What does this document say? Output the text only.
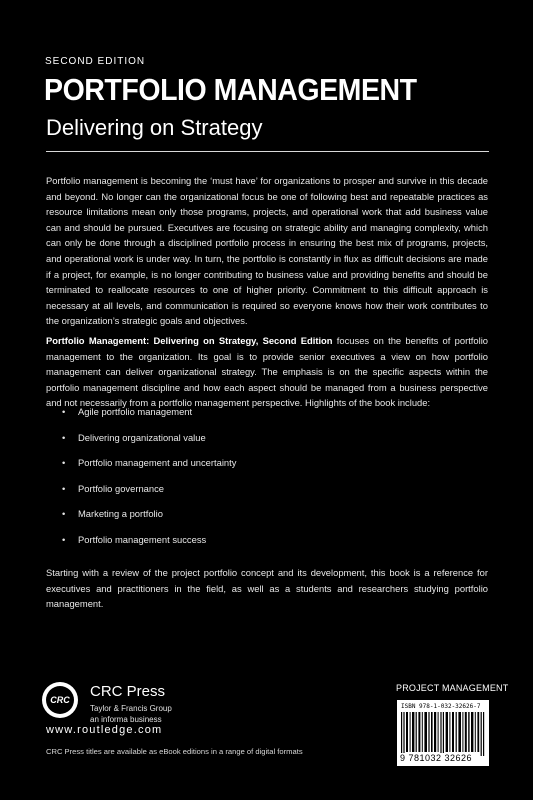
SECOND EDITION
PORTFOLIO MANAGEMENT
Delivering on Strategy

Portfolio management is becoming the ‘must have’ for organizations to prosper and survive in this decade and beyond. No longer can the organizational focus be one of following best and repeatable practices as resource limitations mean only those programs, projects, and operational work that add business value can and should be pursued. Executives are focusing on strategic ability and managing complexity, which can only be done through a disciplined portfolio process in ensuring the best mix of programs, projects, and operational work is under way. In turn, the portfolio is constantly in flux as difficult decisions are made if a project, for example, is no longer contributing to business value and providing benefits and should be terminated to reallocate resources to one of higher priority. Commitment to this difficult approach is necessary at all levels, and communication is required so everyone knows how their work contributes to the organization’s strategic goals and objectives.

Portfolio Management: Delivering on Strategy, Second Edition focuses on the benefits of portfolio management to the organization. Its goal is to provide senior executives a view on how portfolio management can deliver organizational strategy. The emphasis is on the specific aspects within the portfolio management discipline and how each aspect should be managed from a business perspective and not necessarily from a portfolio management perspective. Highlights of the book include:

•	Agile portfolio management
•	Delivering organizational value
•	Portfolio management and uncertainty
•	Portfolio governance
•	Marketing a portfolio
•	Portfolio management success

Starting with a review of the project portfolio concept and its development, this book is a reference for executives and practitioners in the field, as well as a students and researchers studying portfolio management.

CRC CRC Press
Taylor & Francis Group
an informa business
www.routledge.com
CRC Press titles are available as eBook editions in a range of digital formats
PROJECT MANAGEMENT
ISBN 978-1-032-32626-7
9 781032 32626
